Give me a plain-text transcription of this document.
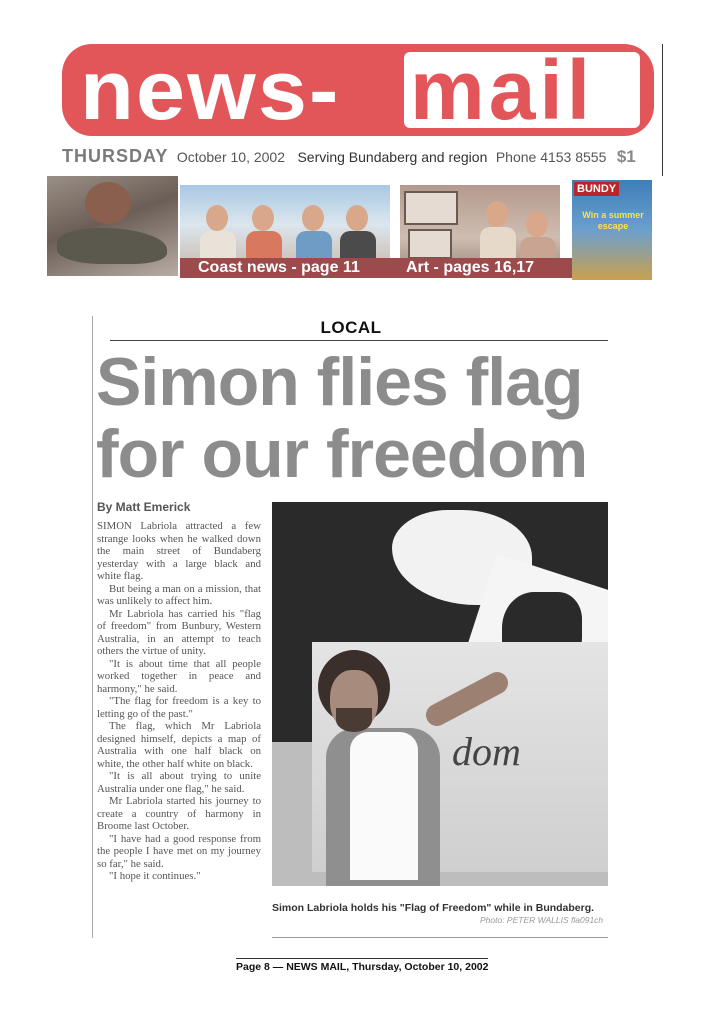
news- mail
THURSDAY October 10, 2002 Serving Bundaberg and region Phone 4153 8555 $1
BUNDY
Win a summer escape
Coast news - page 11	Art - pages 16,17
LOCAL
Simon flies flag
for our freedom
By Matt Emerick

SIMON Labriola attracted a few strange looks when he walked down the main street of Bundaberg yesterday with a large black and white flag.

But being a man on a mission, that was unlikely to affect him.

Mr Labriola has carried his "flag of freedom" from Bunbury, Western Australia, in an attempt to teach others the virtue of unity.

"It is about time that all people worked together in peace and harmony," he said.

"The flag for freedom is a key to letting go of the past."

The flag, which Mr Labriola designed himself, depicts a map of Australia with one half black on white, the other half white on black.

"It is all about trying to unite Australia under one flag," he said.

Mr Labriola started his journey to create a country of harmony in Broome last October.

"I have had a good response from the people I have met on my journey so far," he said.

"I hope it continues."

dom
Simon Labriola holds his "Flag of Freedom" while in Bundaberg.
Photo: PETER WALLIS fla091ch
Page 8 — NEWS MAIL, Thursday, October 10, 2002
